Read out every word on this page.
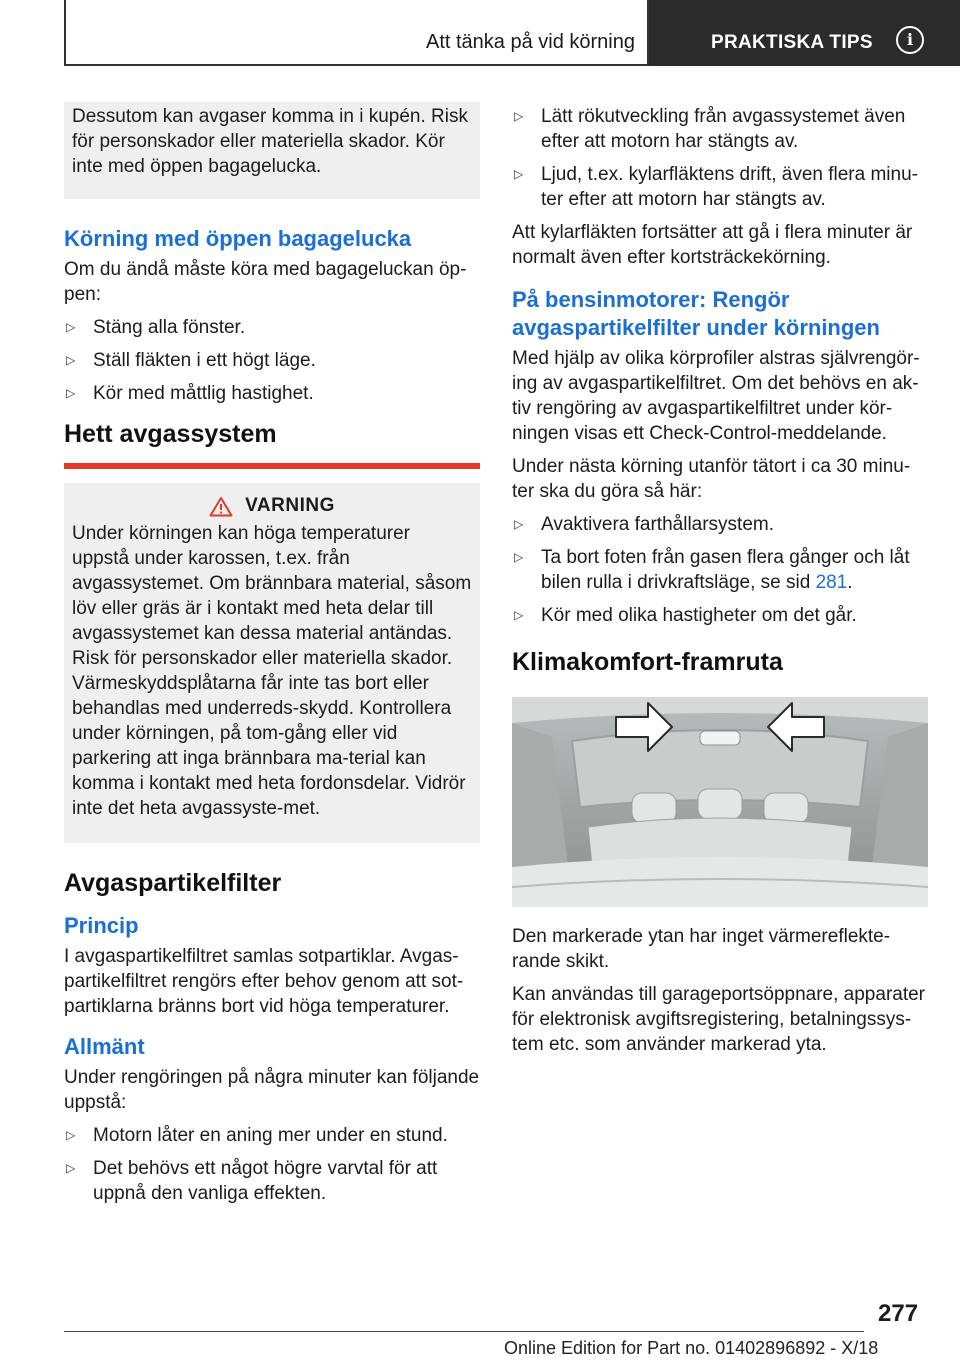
Att tänka på vid körning	PRAKTISKA TIPS	i

Dessutom kan avgaser komma in i kupén. Risk för personskador eller materiella skador. Kör inte med öppen bagagelucka.

Körning med öppen bagagelucka

Om du ändå måste köra med bagageluckan öp-pen:

▷ Stäng alla fönster.
▷ Ställ fläkten i ett högt läge.
▷ Kör med måttlig hastighet.
Hett avgassystem
VARNING

Under körningen kan höga temperaturer uppstå under karossen, t.ex. från avgassystemet. Om brännbara material, såsom löv eller gräs är i kontakt med heta delar till avgassystemet kan dessa material antändas. Risk för personskador eller materiella skador. Värmeskyddsplåtarna får inte tas bort eller behandlas med underreds-skydd. Kontrollera under körningen, på tom-gång eller vid parkering att inga brännbara ma-terial kan komma i kontakt med heta fordonsdelar. Vidrör inte det heta avgassyste-met.

Avgaspartikelfilter
Princip

I avgaspartikelfiltret samlas sotpartiklar. Avgas-partikelfiltret rengörs efter behov genom att sot-partiklarna bränns bort vid höga temperaturer.

Allmänt

Under rengöringen på några minuter kan följande uppstå:

▷ Motorn låter en aning mer under en stund.
▷ Det behövs ett något högre varvtal för att uppnå den vanliga effekten.
▷ Lätt rökutveckling från avgassystemet även efter att motorn har stängts av.
▷ Ljud, t.ex. kylarfläktens drift, även flera minu-ter efter att motorn har stängts av.

Att kylarfläkten fortsätter att gå i flera minuter är normalt även efter kortsträckekörning.

På bensinmotorer: Rengör avgaspartikelfilter under körningen

Med hjälp av olika körprofiler alstras självrengör-ing av avgaspartikelfiltret. Om det behövs en ak-tiv rengöring av avgaspartikelfiltret under kör-ningen visas ett Check-Control-meddelande.

Under nästa körning utanför tätort i ca 30 minu-ter ska du göra så här:

▷ Avaktivera farthållarsystem.
▷ Ta bort foten från gasen flera gånger och låt bilen rulla i drivkraftsläge, se sid 281.
▷ Kör med olika hastigheter om det går.
Klimakomfort-framruta

Den markerade ytan har inget värmereflekte-rande skikt.

Kan användas till garageportsöppnare, apparater för elektronisk avgiftsregistering, betalningssys-tem etc. som använder markerad yta.

277
Online Edition for Part no. 01402896892 - X/18
